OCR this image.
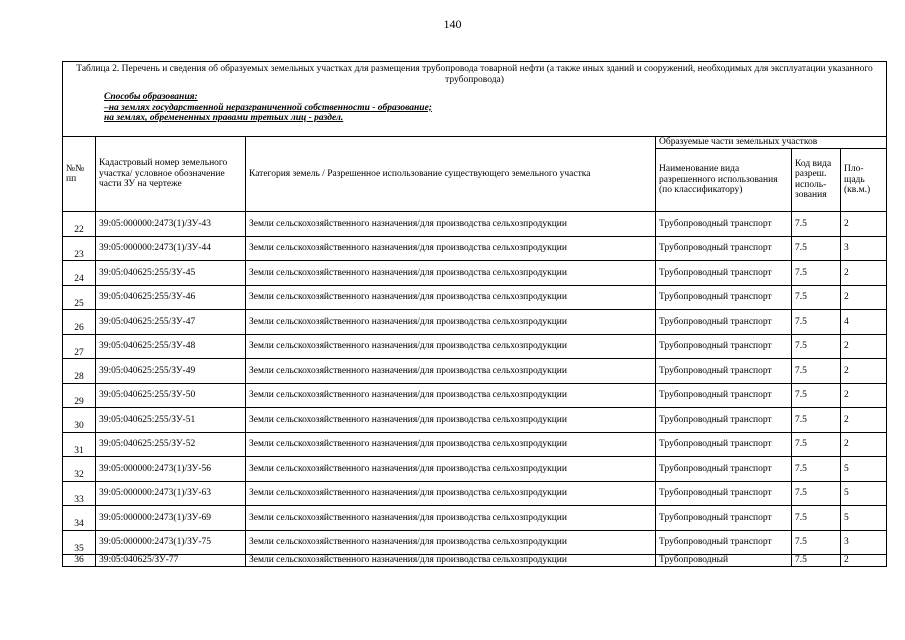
140
Таблица 2. Перечень и сведения об образуемых земельных участках для размещения трубопровода товарной нефти (а также иных зданий и сооружений, необходимых для эксплуатации указанного трубопровода)
Способы образования:
–на землях государственной неразграниченной собственности - образование;
на землях, обремененных правами третьих лиц - раздел.					

№№ пп	Кадастровый номер земельного участка/ условное обозначение части ЗУ на чертеже	Категория земель / Разрешенное использование существующего земельного участка	Образуемые части земельных участков		
			Наименование вида разрешенного использования (по классификатору)	Код вида разреш. исполь-зования	Пло-щадь (кв.м.)
22	39:05:000000:2473(1)/ЗУ-43	Земли сельскохозяйственного назначения/для производства сельхозпродукции	Трубопроводный транспорт	7.5	2
23	39:05:000000:2473(1)/ЗУ-44	Земли сельскохозяйственного назначения/для производства сельхозпродукции	Трубопроводный транспорт	7.5	3
24	39:05:040625:255/ЗУ-45	Земли сельскохозяйственного назначения/для производства сельхозпродукции	Трубопроводный транспорт	7.5	2
25	39:05:040625:255/ЗУ-46	Земли сельскохозяйственного назначения/для производства сельхозпродукции	Трубопроводный транспорт	7.5	2
26	39:05:040625:255/ЗУ-47	Земли сельскохозяйственного назначения/для производства сельхозпродукции	Трубопроводный транспорт	7.5	4
27	39:05:040625:255/ЗУ-48	Земли сельскохозяйственного назначения/для производства сельхозпродукции	Трубопроводный транспорт	7.5	2
28	39:05:040625:255/ЗУ-49	Земли сельскохозяйственного назначения/для производства сельхозпродукции	Трубопроводный транспорт	7.5	2
29	39:05:040625:255/ЗУ-50	Земли сельскохозяйственного назначения/для производства сельхозпродукции	Трубопроводный транспорт	7.5	2
30	39:05:040625:255/ЗУ-51	Земли сельскохозяйственного назначения/для производства сельхозпродукции	Трубопроводный транспорт	7.5	2
31	39:05:040625:255/ЗУ-52	Земли сельскохозяйственного назначения/для производства сельхозпродукции	Трубопроводный транспорт	7.5	2
32	39:05:000000:2473(1)/ЗУ-56	Земли сельскохозяйственного назначения/для производства сельхозпродукции	Трубопроводный транспорт	7.5	5
33	39:05:000000:2473(1)/ЗУ-63	Земли сельскохозяйственного назначения/для производства сельхозпродукции	Трубопроводный транспорт	7.5	5
34	39:05:000000:2473(1)/ЗУ-69	Земли сельскохозяйственного назначения/для производства сельхозпродукции	Трубопроводный транспорт	7.5	5
35	39:05:000000:2473(1)/ЗУ-75	Земли сельскохозяйственного назначения/для производства сельхозпродукции	Трубопроводный транспорт	7.5	3
36	39:05:040625/ЗУ-77	Земли сельскохозяйственного назначения/для производства сельхозпродукции	Трубопроводный	7.5	2
